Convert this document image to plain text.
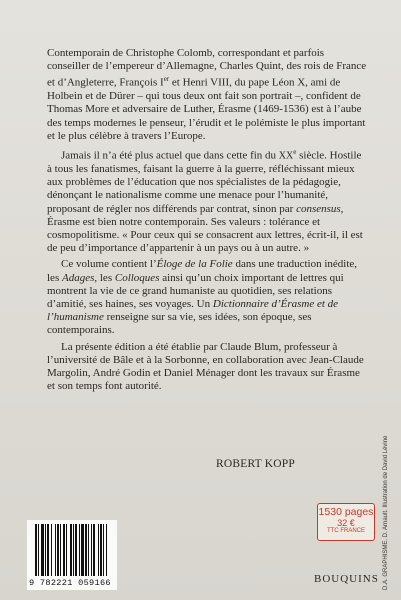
Contemporain de Christophe Colomb, correspondant et parfois conseiller de l’empereur d’Allemagne, Charles Quint, des rois de France et d’Angleterre, François Ier et Henri VIII, du pape Léon X, ami de Holbein et de Dürer – qui tous deux ont fait son portrait –, confident de Thomas More et adversaire de Luther, Érasme (1469-1536) est à l’aube des temps modernes le penseur, l’érudit et le polémiste le plus important et le plus célèbre à travers l’Europe.

Jamais il n’a été plus actuel que dans cette fin du XXe siècle. Hostile à tous les fanatismes, faisant la guerre à la guerre, réfléchissant mieux aux problèmes de l’éducation que nos spécialistes de la pédagogie, dénonçant le nationalisme comme une menace pour l’humanité, proposant de régler nos différends par contrat, sinon par consensus, Érasme est bien notre contemporain. Ses valeurs : tolérance et cosmopolitisme. « Pour ceux qui se consacrent aux lettres, écrit-il, il est de peu d’importance d’appartenir à un pays ou à un autre. »

Ce volume contient l’Éloge de la Folie dans une traduction inédite, les Adages, les Colloques ainsi qu’un choix important de lettres qui montrent la vie de ce grand humaniste au quotidien, ses relations d’amitié, ses haines, ses voyages. Un Dictionnaire d’Érasme et de l’humanisme renseigne sur sa vie, ses idées, son époque, ses contemporains.

La présente édition a été établie par Claude Blum, professeur à l’université de Bâle et à la Sorbonne, en collaboration avec Jean-Claude Margolin, André Godin et Daniel Ménager dont les travaux sur Érasme et son temps font autorité.

ROBERT KOPP
1530 pages
32 €
TTC FRANCE	D.A. GRAPHISME. D. Arnault. Illustration de David Lévine
9 782221 059166	BOUQUINS
